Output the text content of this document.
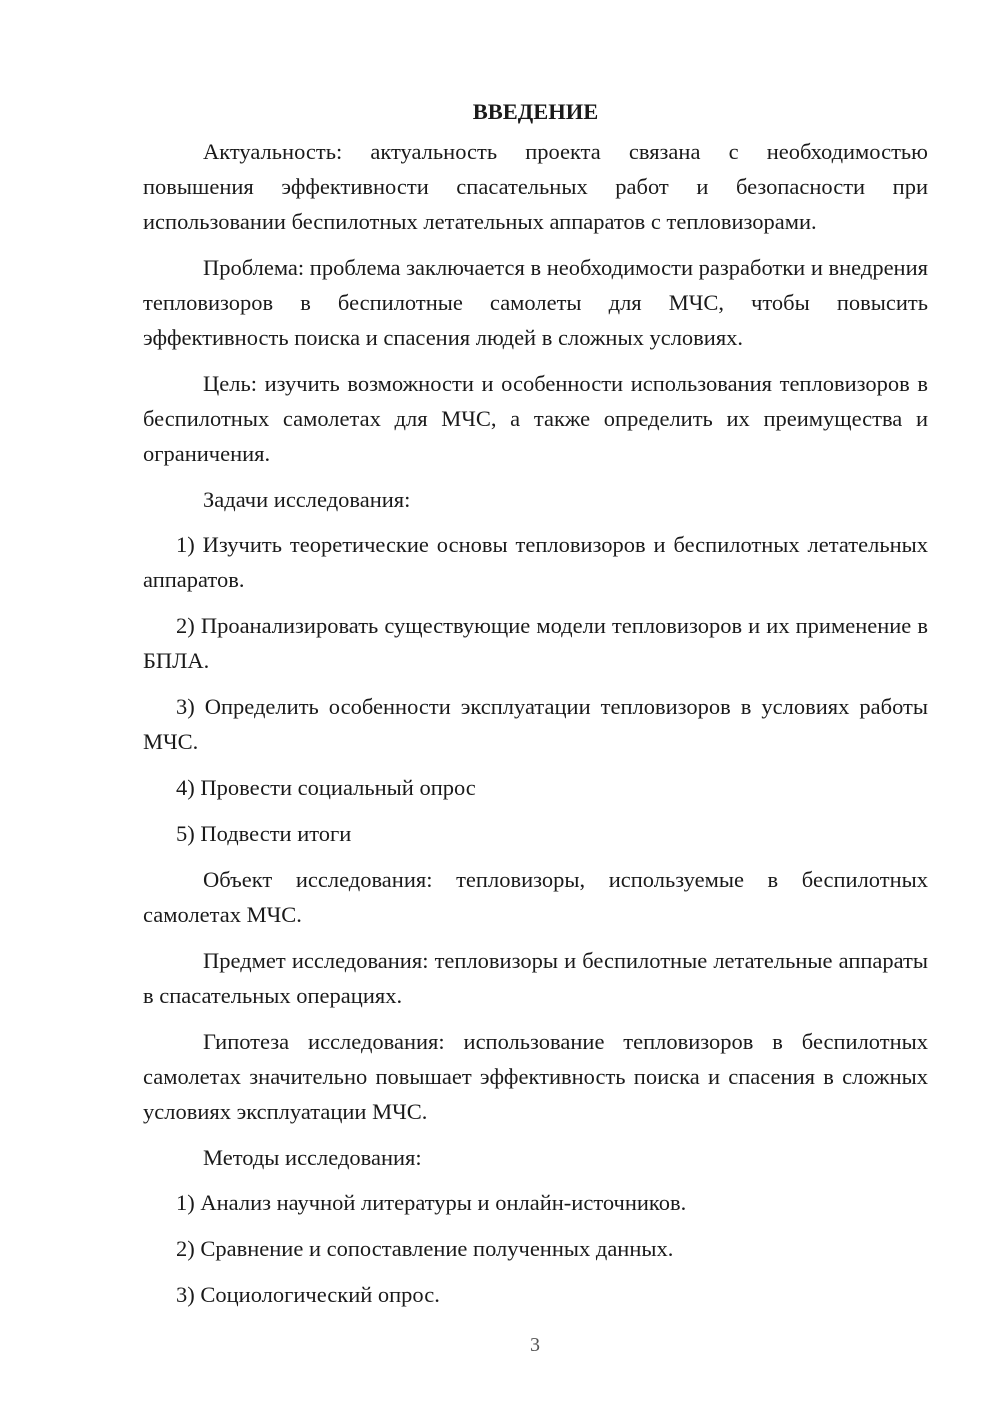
ВВЕДЕНИЕ

Актуальность: актуальность проекта связана с необходимостью повышения эффективности спасательных работ и безопасности при использовании беспилотных летательных аппаратов с тепловизорами.

Проблема: проблема заключается в необходимости разработки и внедрения тепловизоров в беспилотные самолеты для МЧС, чтобы повысить эффективность поиска и спасения людей в сложных условиях.

Цель: изучить возможности и особенности использования тепловизоров в беспилотных самолетах для МЧС, а также определить их преимущества и ограничения.

Задачи исследования:

1) Изучить теоретические основы тепловизоров и беспилотных летательных аппаратов.

2) Проанализировать существующие модели тепловизоров и их применение в БПЛА.

3) Определить особенности эксплуатации тепловизоров в условиях работы МЧС.

4) Провести социальный опрос

5) Подвести итоги

Объект исследования: тепловизоры, используемые в беспилотных самолетах МЧС.

Предмет исследования: тепловизоры и беспилотные летательные аппараты в спасательных операциях.

Гипотеза исследования: использование тепловизоров в беспилотных самолетах значительно повышает эффективность поиска и спасения в сложных условиях эксплуатации МЧС.

Методы исследования:

1) Анализ научной литературы и онлайн-источников.

2) Сравнение и сопоставление полученных данных.

3) Социологический опрос.

3
